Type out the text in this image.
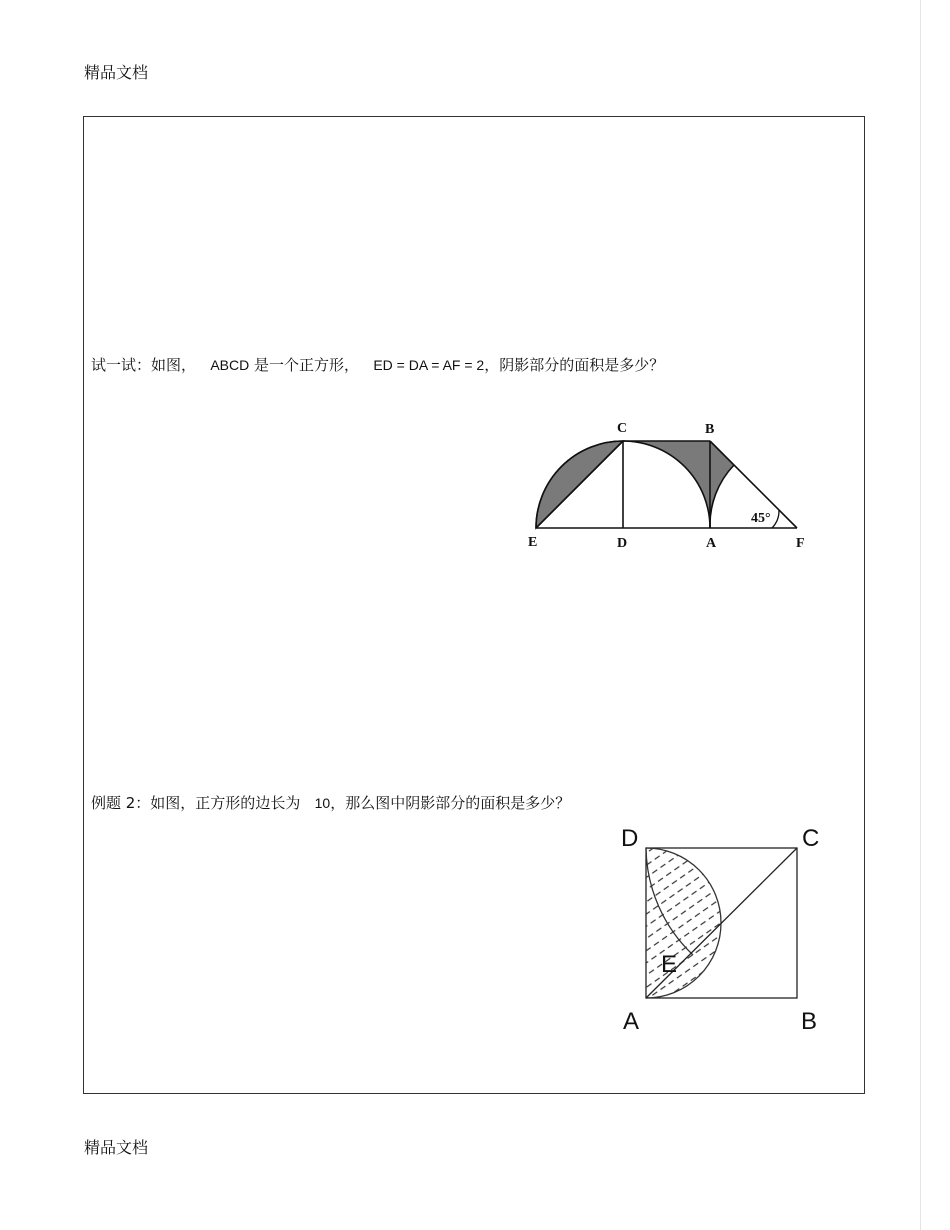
精品文档
试一试：如图， ABCD 是一个正方形， ED = DA = AF = 2，阴影部分的面积是多少？
45°
C	B
E	D	A	F
例题 2：如图，正方形的边长为 10，那么图中阴影部分的面积是多少？
D	C
E
A	B
精品文档
